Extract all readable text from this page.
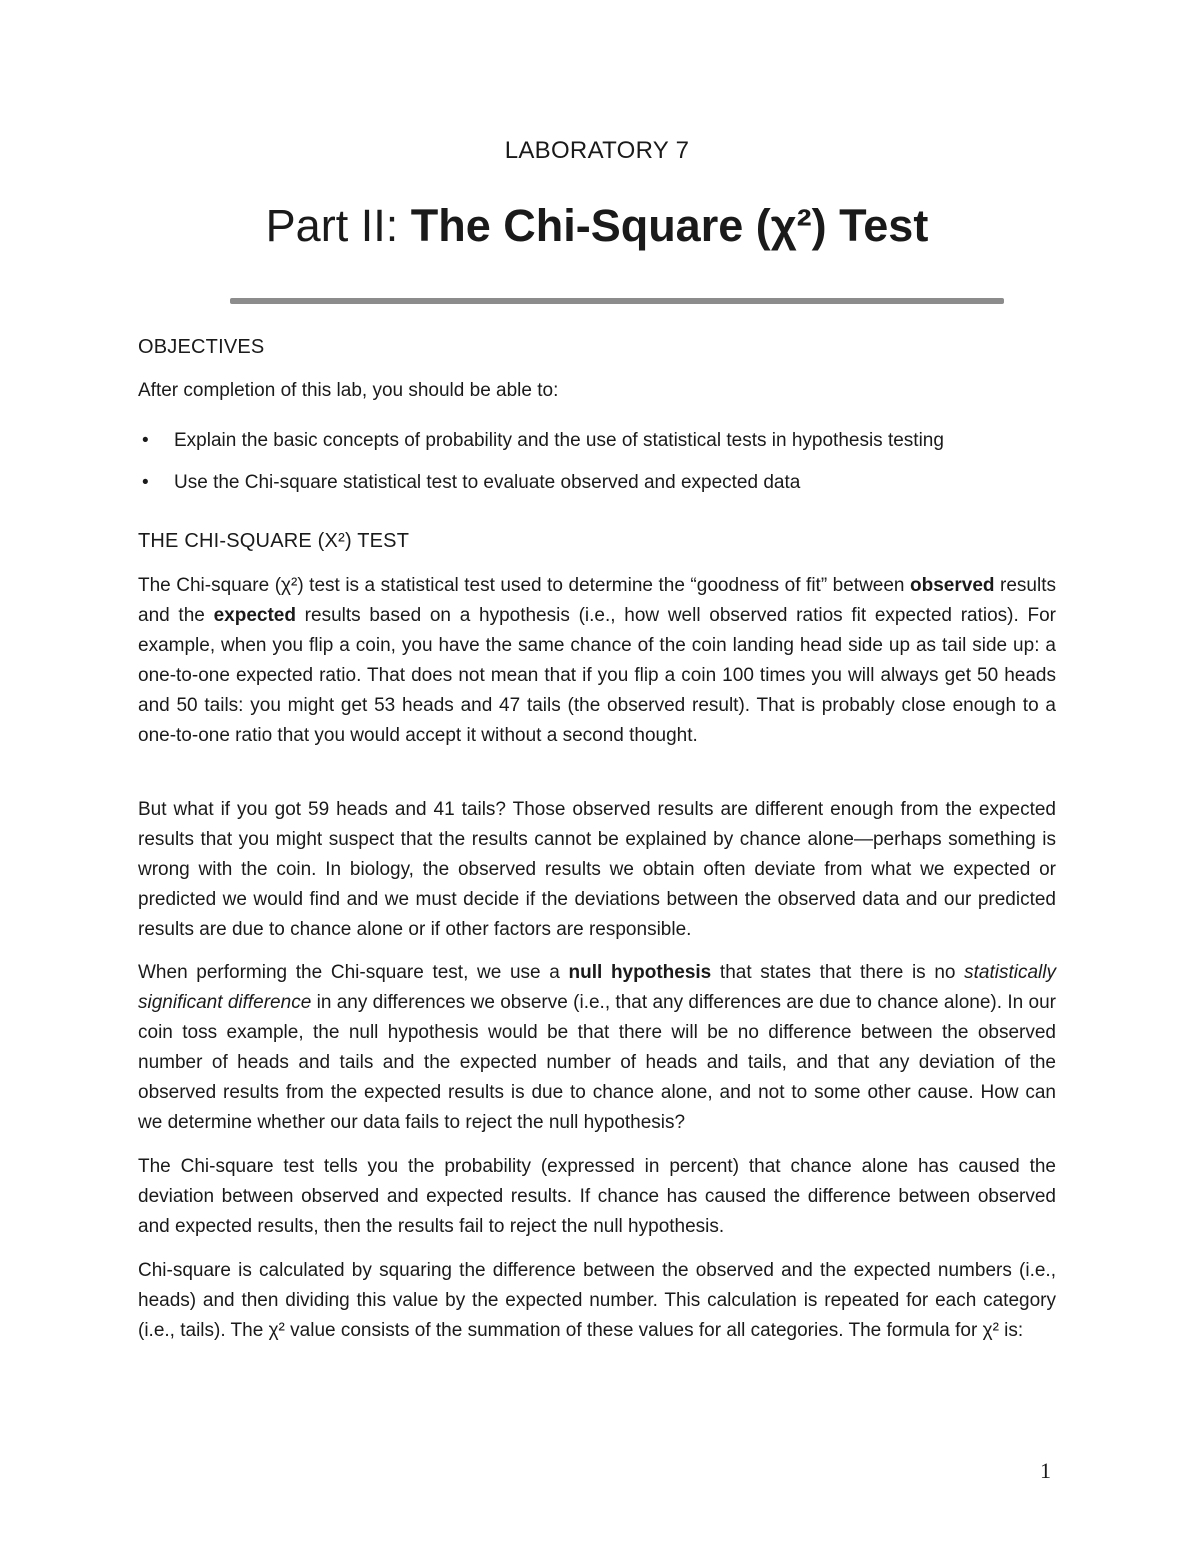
LABORATORY 7
Part II: The Chi-Square (χ²) Test
OBJECTIVES
After completion of this lab, you should be able to:
• Explain the basic concepts of probability and the use of statistical tests in hypothesis testing
• Use the Chi-square statistical test to evaluate observed and expected data
THE CHI-SQUARE (Χ²) TEST

The Chi-square (χ²) test is a statistical test used to determine the “goodness of fit” between observed results and the expected results based on a hypothesis (i.e., how well observed ratios fit expected ratios). For example, when you flip a coin, you have the same chance of the coin landing head side up as tail side up: a one-to-one expected ratio. That does not mean that if you flip a coin 100 times you will always get 50 heads and 50 tails: you might get 53 heads and 47 tails (the observed result). That is probably close enough to a one-to-one ratio that you would accept it without a second thought.

But what if you got 59 heads and 41 tails? Those observed results are different enough from the expected results that you might suspect that the results cannot be explained by chance alone—perhaps something is wrong with the coin. In biology, the observed results we obtain often deviate from what we expected or predicted we would find and we must decide if the deviations between the observed data and our predicted results are due to chance alone or if other factors are responsible.

When performing the Chi-square test, we use a null hypothesis that states that there is no statistically significant difference in any differences we observe (i.e., that any differences are due to chance alone). In our coin toss example, the null hypothesis would be that there will be no difference between the observed number of heads and tails and the expected number of heads and tails, and that any deviation of the observed results from the expected results is due to chance alone, and not to some other cause. How can we determine whether our data fails to reject the null hypothesis?

The Chi-square test tells you the probability (expressed in percent) that chance alone has caused the deviation between observed and expected results. If chance has caused the difference between observed and expected results, then the results fail to reject the null hypothesis.

Chi-square is calculated by squaring the difference between the observed and the expected numbers (i.e., heads) and then dividing this value by the expected number. This calculation is repeated for each category (i.e., tails). The χ² value consists of the summation of these values for all categories. The formula for χ² is:

1
